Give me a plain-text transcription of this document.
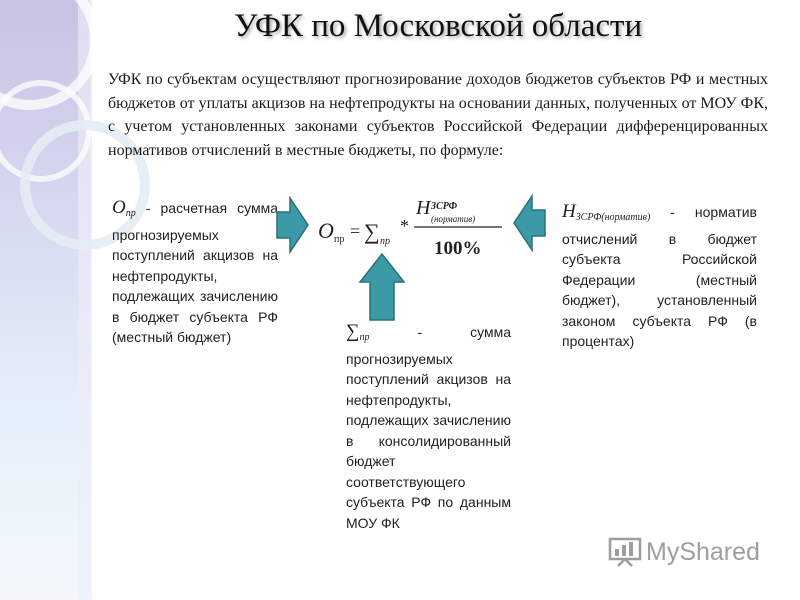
УФК по Московской области
УФК по субъектам осуществляют прогнозирование доходов бюджетов субъектов РФ и местных бюджетов от уплаты акцизов на нефтепродукты на основании данных, полученных от МОУ ФК, с учетом установленных законами субъектов Российской Федерации дифференцированных нормативов отчислений в местные бюджеты, по формуле:
$О_{пр}$ - расчетная сумма прогнозируемых поступлений акцизов на нефтепродукты, подлежащих зачислению в бюджет субъекта РФ (местный бюджет)
О пр = ∑ пр
*
Н ЗСРФ
(норматив)
100%
$\sum_{пр}$ - сумма прогнозируемых поступлений акцизов на нефтепродукты, подлежащих зачислению в консолидированный бюджет соответствующего субъекта РФ по данным МОУ ФК
$Н_{ЗСРФ(норматив)}$ - норматив отчислений в бюджет субъекта Российской Федерации (местный бюджет), установленный законом субъекта РФ (в процентах)
MyShared
